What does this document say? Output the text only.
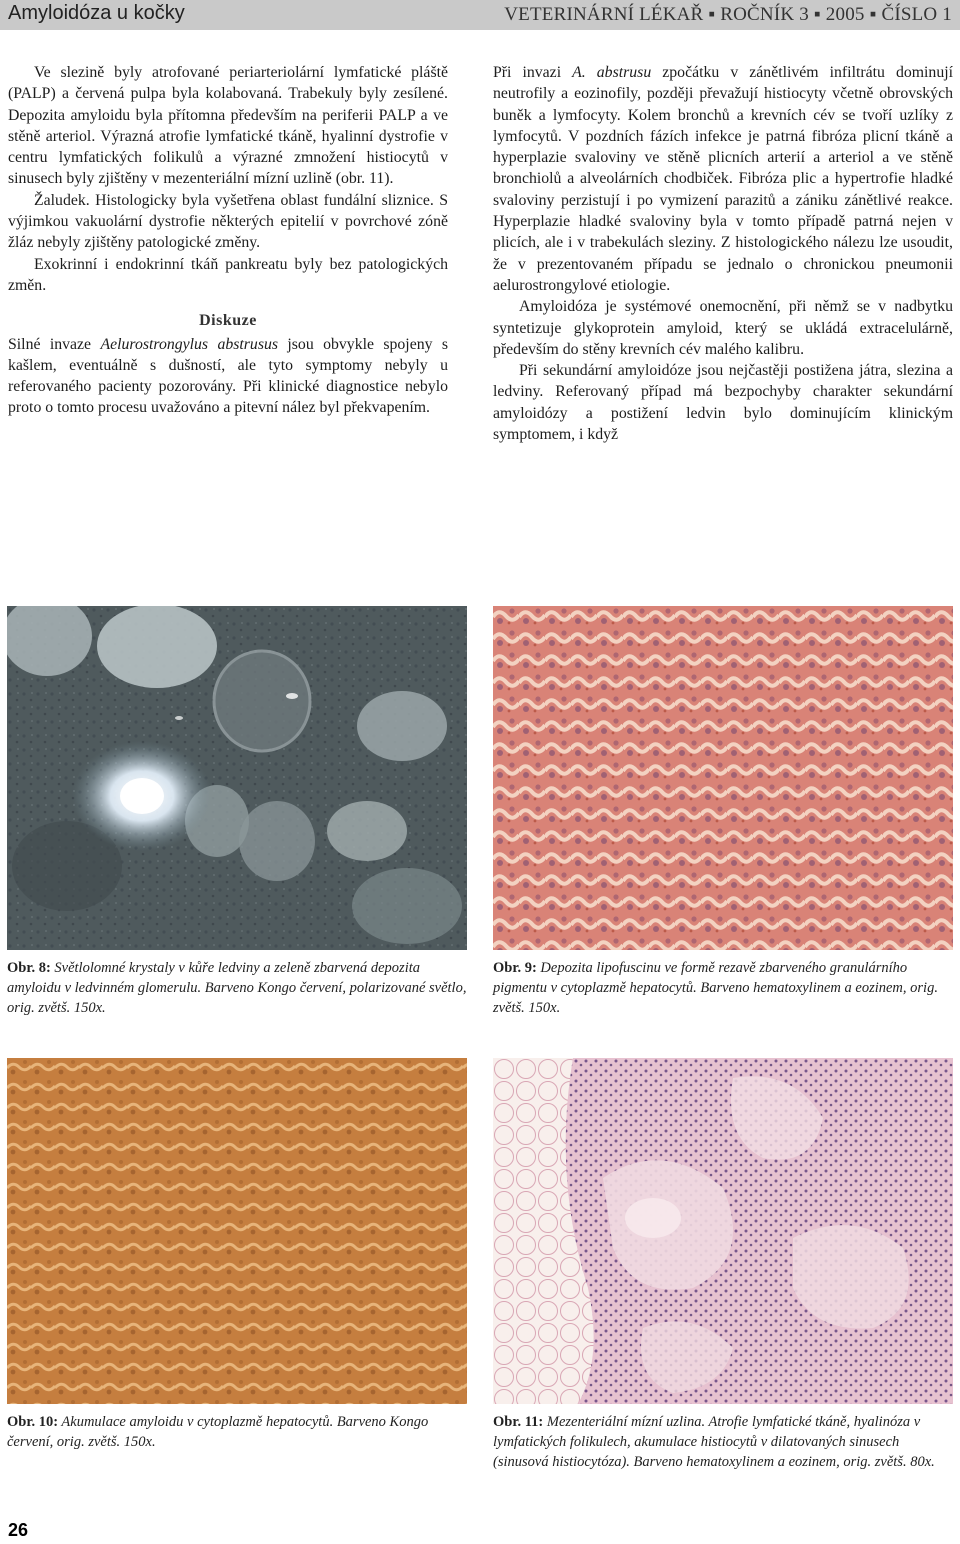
Amyloidóza u kočky	VETERINÁRNÍ LÉKAŘ ▪ ROČNÍK 3 ▪ 2005 ▪ ČÍSLO 1

Ve slezině byly atrofované periarteriolární lymfatické pláště (PALP) a červená pulpa byla kolabovaná. Trabekuly byly zesílené. Depozita amyloidu byla přítomna především na periferii PALP a ve stěně arteriol. Výrazná atrofie lymfatické tkáně, hyalinní dystrofie v centru lymfatických folikulů a výrazné zmnožení histiocytů v sinusech byly zjištěny v mezenteriální mízní uzlině (obr. 11).

Žaludek. Histologicky byla vyšetřena oblast fundální sliznice. S výjimkou vakuolární dystrofie některých epitelií v povrchové zóně žláz nebyly zjištěny patologické změny.

Exokrinní i endokrinní tkáň pankreatu byly bez patologických změn.

Diskuze

Silné invaze Aelurostrongylus abstrusus jsou obvykle spojeny s kašlem, eventuálně s dušností, ale tyto symptomy nebyly u referovaného pacienty pozorovány. Při klinické diagnostice nebylo proto o tomto procesu uvažováno a pitevní nález byl překvapením.

Při invazi A. abstrusu zpočátku v zánětlivém infiltrátu dominují neutrofily a eozinofily, později převažují histiocyty včetně obrovských buněk a lymfocyty. Kolem bronchů a krevních cév se tvoří uzlíky z lymfocytů. V pozdních fázích infekce je patrná fibróza plicní tkáně a hyperplazie svaloviny ve stěně plicních arterií a arteriol a ve stěně bronchiolů a alveolárních chodbiček. Fibróza plic a hypertrofie hladké svaloviny perzistují i po vymizení parazitů a zániku zánětlivé reakce. Hyperplazie hladké svaloviny byla v tomto případě patrná nejen v plicích, ale i v trabekulách sleziny. Z histologického nálezu lze usoudit, že v prezentovaném případu se jednalo o chronickou pneumonii aelurostrongylové etiologie.

Amyloidóza je systémové onemocnění, při němž se v nadbytku syntetizuje glykoprotein amyloid, který se ukládá extracelulárně, především do stěny krevních cév malého kalibru.

Při sekundární amyloidóze jsou nejčastěji postižena játra, slezina a ledviny. Referovaný případ má bezpochyby charakter sekundární amyloidózy a postižení ledvin bylo dominujícím klinickým symptomem, i když

Obr. 8: Světlolomné krystaly v kůře ledviny a zeleně zbarvená depozita amyloidu v ledvinném glomerulu. Barveno Kongo červení, polarizované světlo, orig. zvětš. 150x.
Obr. 9: Depozita lipofuscinu ve formě rezavě zbarveného granulárního pigmentu v cytoplazmě hepatocytů. Barveno hematoxylinem a eozinem, orig. zvětš. 150x.
Obr. 10: Akumulace amyloidu v cytoplazmě hepatocytů. Barveno Kongo červení, orig. zvětš. 150x.
Obr. 11: Mezenteriální mízní uzlina. Atrofie lymfatické tkáně, hyalinóza v lymfatických folikulech, akumulace histiocytů v dilatovaných sinusech (sinusová histiocytóza). Barveno hematoxylinem a eozinem, orig. zvětš. 80x.
26
